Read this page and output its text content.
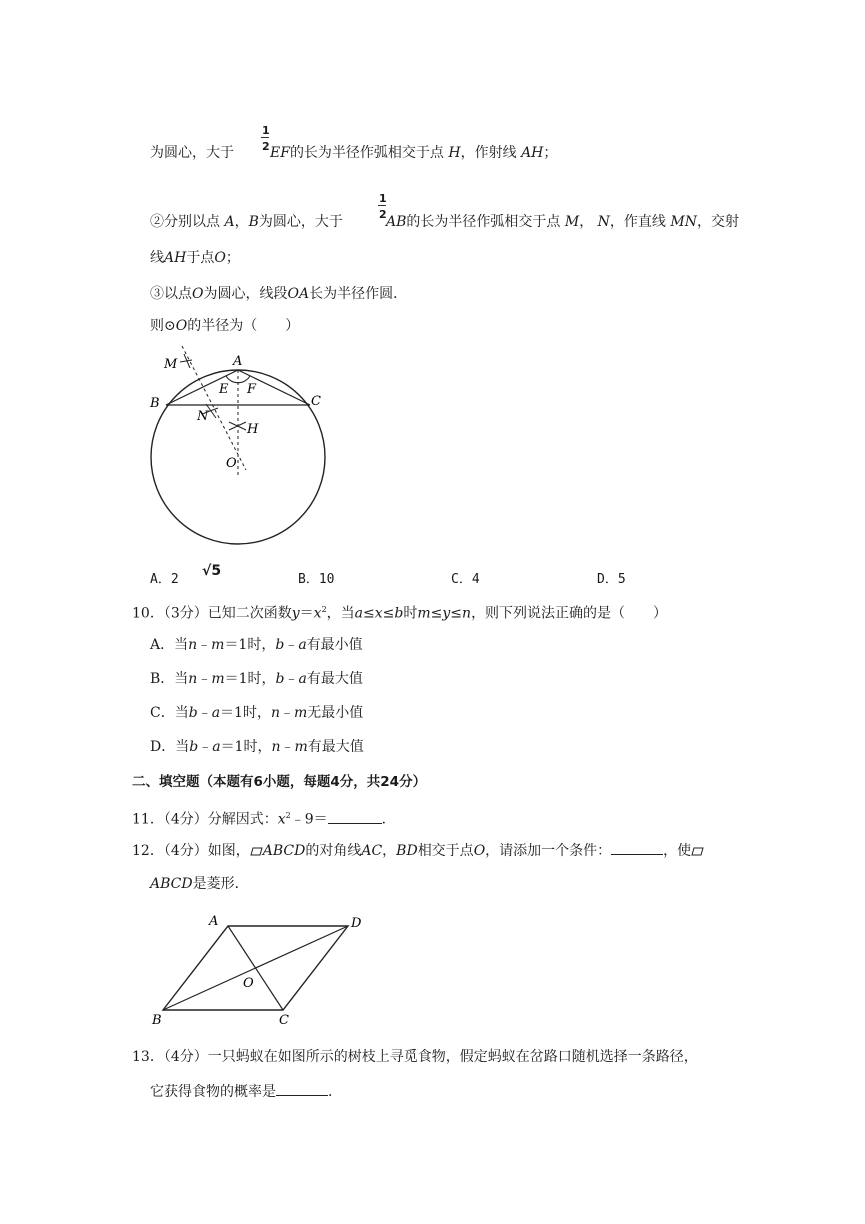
为圆心，大于
1
2 EF的长为半径作弧相交于点 H，作射线 AH；
②分别以点 A，B为圆心，大于
1
2 AB的长为半径作弧相交于点 M， N，作直线 MN，交射
线AH于点O；
③以点O为圆心，线段OA长为半径作圆．
则⊙O的半径为（　　）
M	A
E F
B	C
N
H
O
A．2
√5
B．10	C．4	D．5
10．（3分）已知二次函数$y=x^2$，当a≤x≤b时m≤y≤n，则下列说法正确的是（　　）
A．当n﹣m＝1时，b﹣a有最小值
B．当n﹣m＝1时，b﹣a有最大值
C．当b﹣a＝1时，n﹣m无最小值
D．当b﹣a＝1时，n﹣m有最大值
二、填空题（本题有6小题，每题4分，共24分）
11．（4分）分解因式：$x^2﹣9=$	．
12．（4分）如图， ABCD的对角线AC，BD相交于点O，请添加一个条件：	，使
ABCD是菱形．
A	D
O
B	C
13．（4分）一只蚂蚁在如图所示的树枝上寻觅食物，假定蚂蚁在岔路口随机选择一条路径，
它获得食物的概率是	．
